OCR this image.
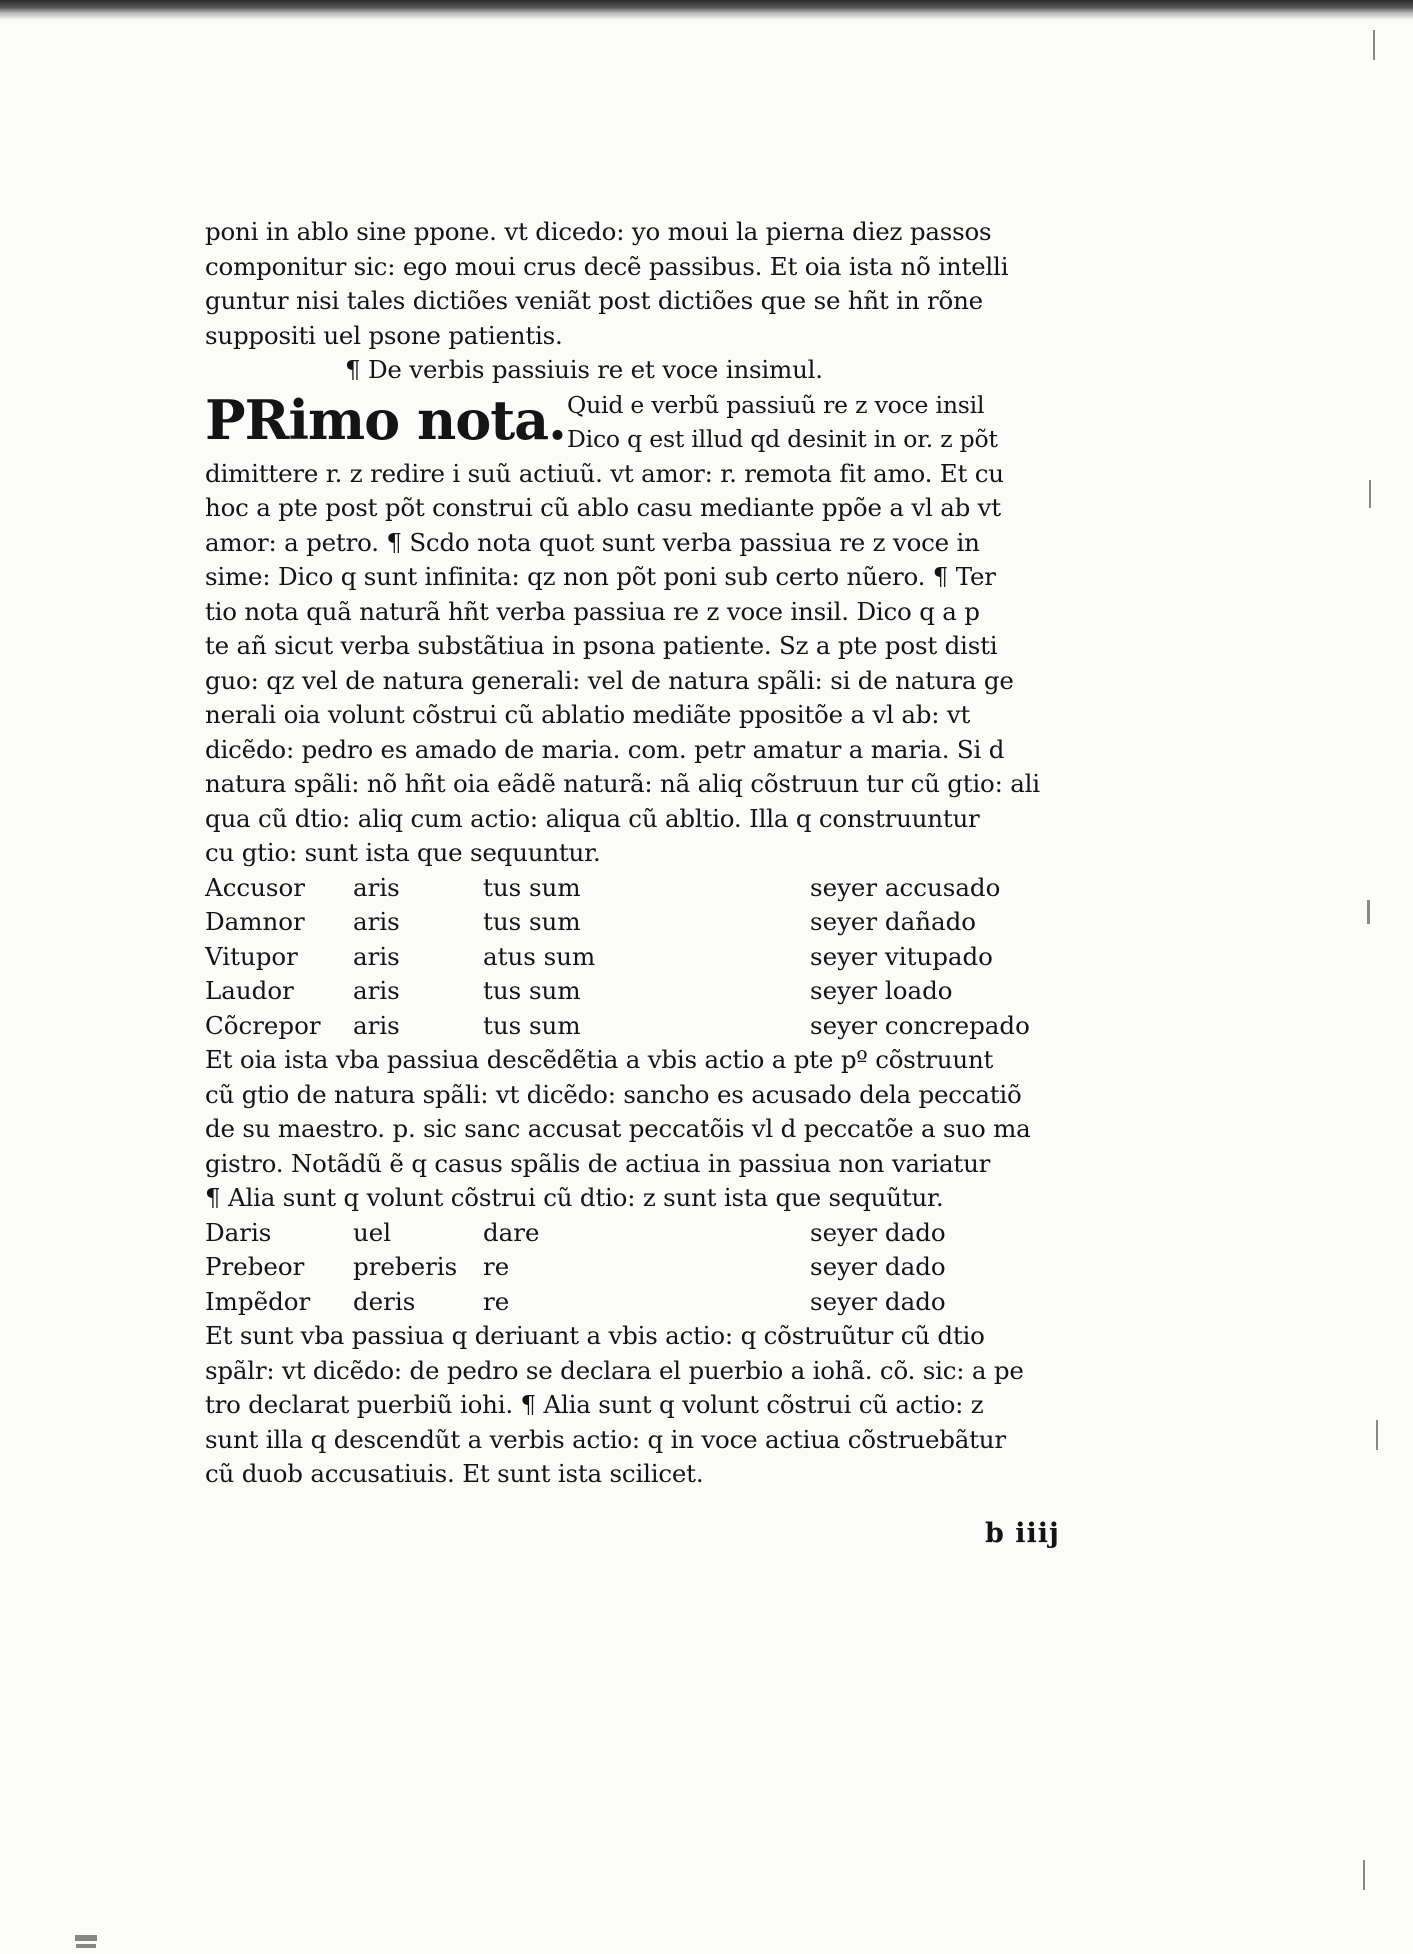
poni in ablo sine ppone. vt dicedo: yo moui la pierna diez passos
componitur sic: ego moui crus decẽ passibus. Et oia ista nõ intelli
guntur nisi tales dictiões veniãt post dictiões que se hñt in rõne
suppositi uel psone patientis.
¶ De verbis passiuis re et voce insimul.
PRimo nota. Quid e verbũ passiuũ re z voce insil
Dico q est illud qd desinit in or. z põt
dimittere r. z redire i suũ actiuũ. vt amor: r. remota fit amo. Et cu
hoc a pte post põt construi cũ ablo casu mediante ppõe a vl ab vt
amor: a petro. ¶ Scdo nota quot sunt verba passiua re z voce in
sime: Dico q sunt infinita: qz non põt poni sub certo nũero. ¶ Ter
tio nota quã naturã hñt verba passiua re z voce insil. Dico q a p
te añ sicut verba substãtiua in psona patiente. Sz a pte post disti
guo: qz vel de natura generali: vel de natura spãli: si de natura ge
nerali oia volunt cõstrui cũ ablatio mediãte ppositõe a vl ab: vt
dicẽdo: pedro es amado de maria. com. petr amatur a maria. Si d
natura spãli: nõ hñt oia eãdẽ naturã: nã aliq cõstruun tur cũ gtio: ali
qua cũ dtio: aliq cum actio: aliqua cũ abltio. Illa q construuntur
cu gtio: sunt ista que sequuntur.
Accusor	aris	tus sum	seyer accusado
Damnor	aris	tus sum	seyer dañado
Vitupor	aris	atus sum	seyer vitupado
Laudor	aris	tus sum	seyer loado
Cõcrepor	aris	tus sum	seyer concrepado
Et oia ista vba passiua descẽdẽtia a vbis actio a pte pº cõstruunt
cũ gtio de natura spãli: vt dicẽdo: sancho es acusado dela peccatiõ
de su maestro. p. sic sanc accusat peccatõis vl d peccatõe a suo ma
gistro. Notãdũ ẽ q casus spãlis de actiua in passiua non variatur
¶ Alia sunt q volunt cõstrui cũ dtio: z sunt ista que sequũtur.
Daris	uel	dare	seyer dado
Prebeor	preberis	re	seyer dado
Impẽdor	deris	re	seyer dado
Et sunt vba passiua q deriuant a vbis actio: q cõstruũtur cũ dtio
spãlr: vt dicẽdo: de pedro se declara el puerbio a iohã. cõ. sic: a pe
tro declarat puerbiũ iohi. ¶ Alia sunt q volunt cõstrui cũ actio: z
sunt illa q descendũt a verbis actio: q in voce actiua cõstruebãtur
cũ duob accusatiuis. Et sunt ista scilicet.
b iiij
